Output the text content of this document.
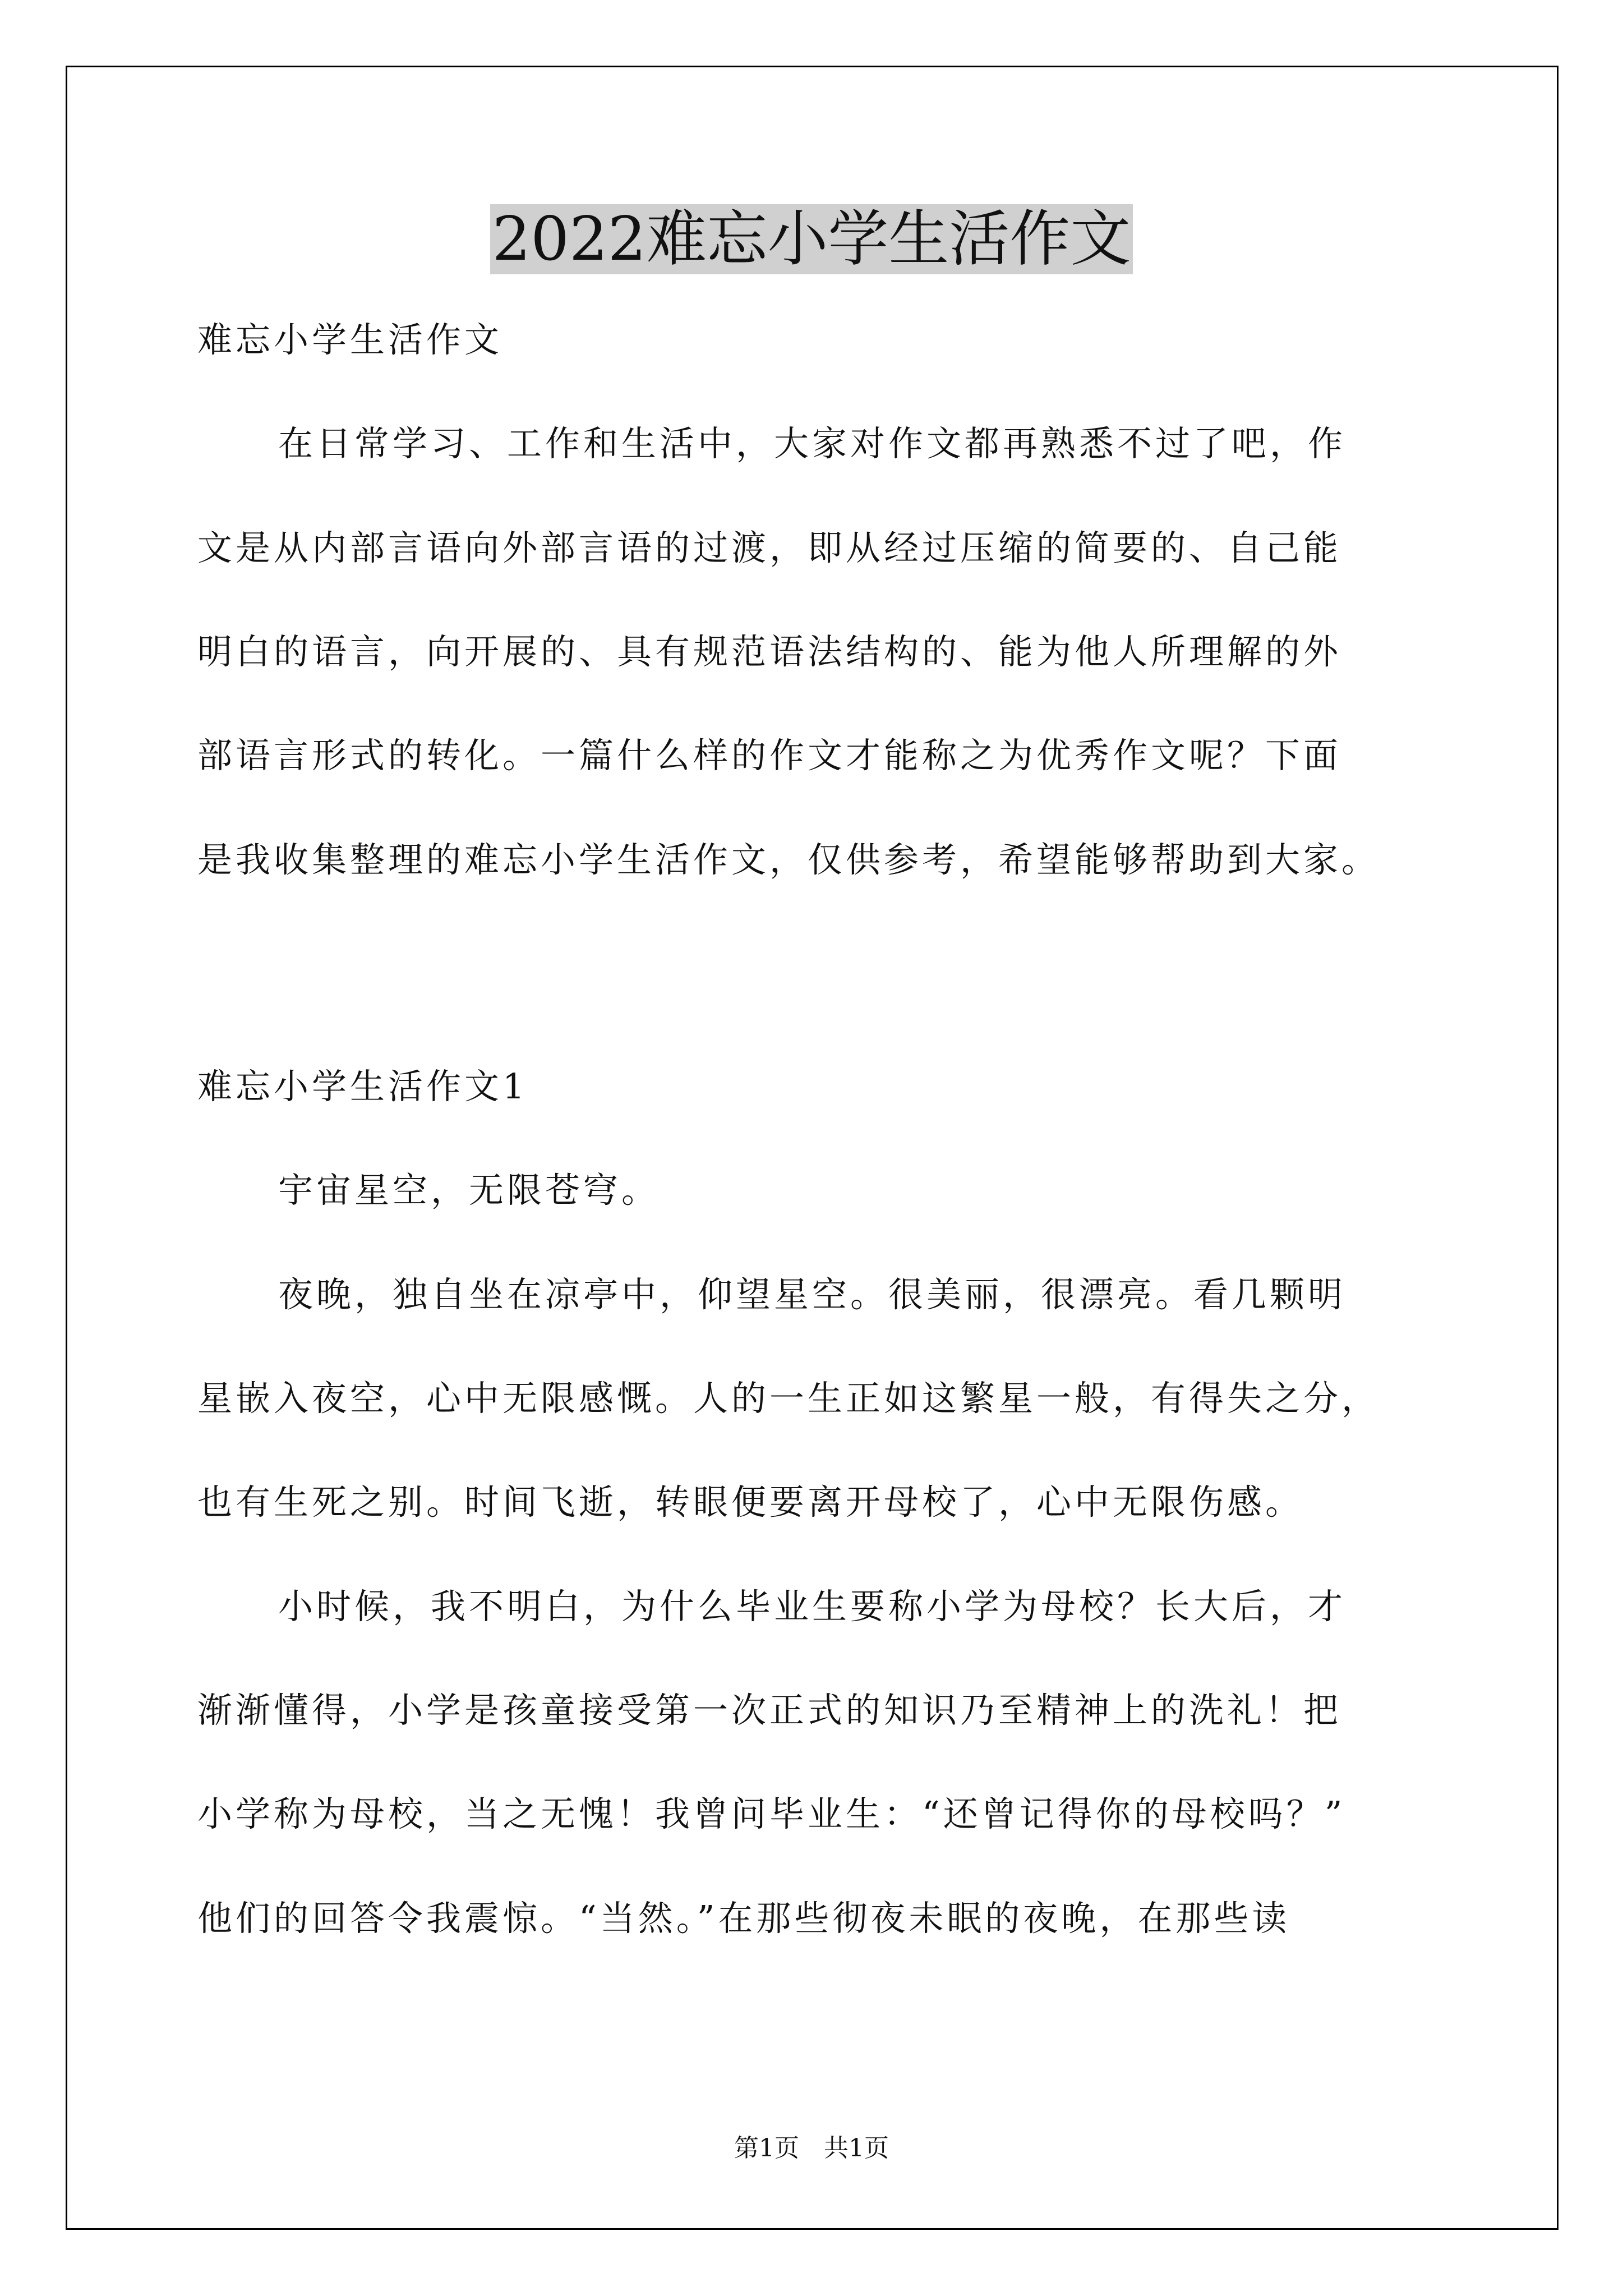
2022难忘小学生活作文
难忘小学生活作文
在日常学习、工作和生活中，大家对作文都再熟悉不过了吧，作
文是从内部言语向外部言语的过渡，即从经过压缩的简要的、自己能
明白的语言，向开展的、具有规范语法结构的、能为他人所理解的外
部语言形式的转化。一篇什么样的作文才能称之为优秀作文呢？下面
是我收集整理的难忘小学生活作文，仅供参考，希望能够帮助到大家。
难忘小学生活作文1
宇宙星空，无限苍穹。
夜晚，独自坐在凉亭中，仰望星空。很美丽，很漂亮。看几颗明
星嵌入夜空，心中无限感慨。人的一生正如这繁星一般，有得失之分，
也有生死之别。时间飞逝，转眼便要离开母校了，心中无限伤感。
小时候，我不明白，为什么毕业生要称小学为母校？长大后，才
渐渐懂得，小学是孩童接受第一次正式的知识乃至精神上的洗礼！把
小学称为母校，当之无愧！我曾问毕业生：“还曾记得你的母校吗？”
他们的回答令我震惊。“当然。”在那些彻夜未眠的夜晚，在那些读
第1页 共1页
